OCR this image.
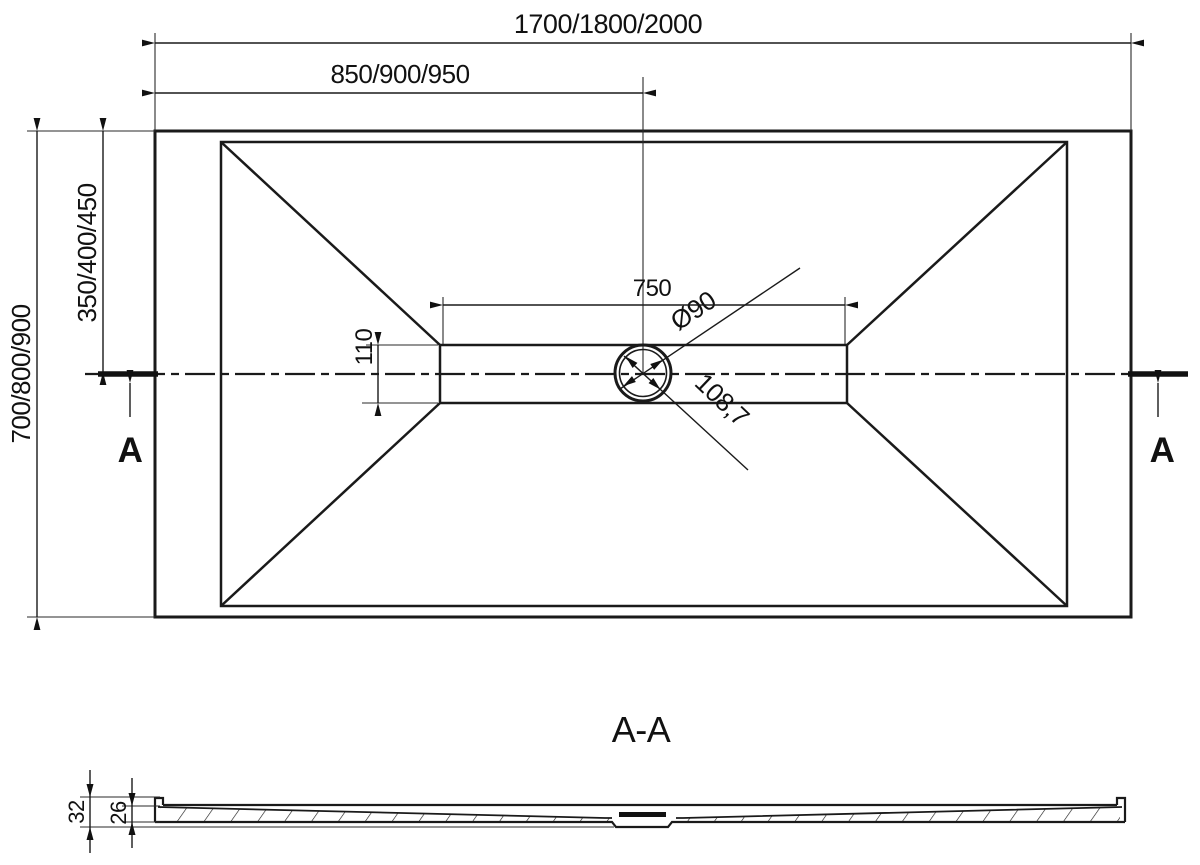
Ø90
108,7
1700/1800/2000
850/900/950
700/800/900
350/400/450	750
110
A	A
A-A
32 26
